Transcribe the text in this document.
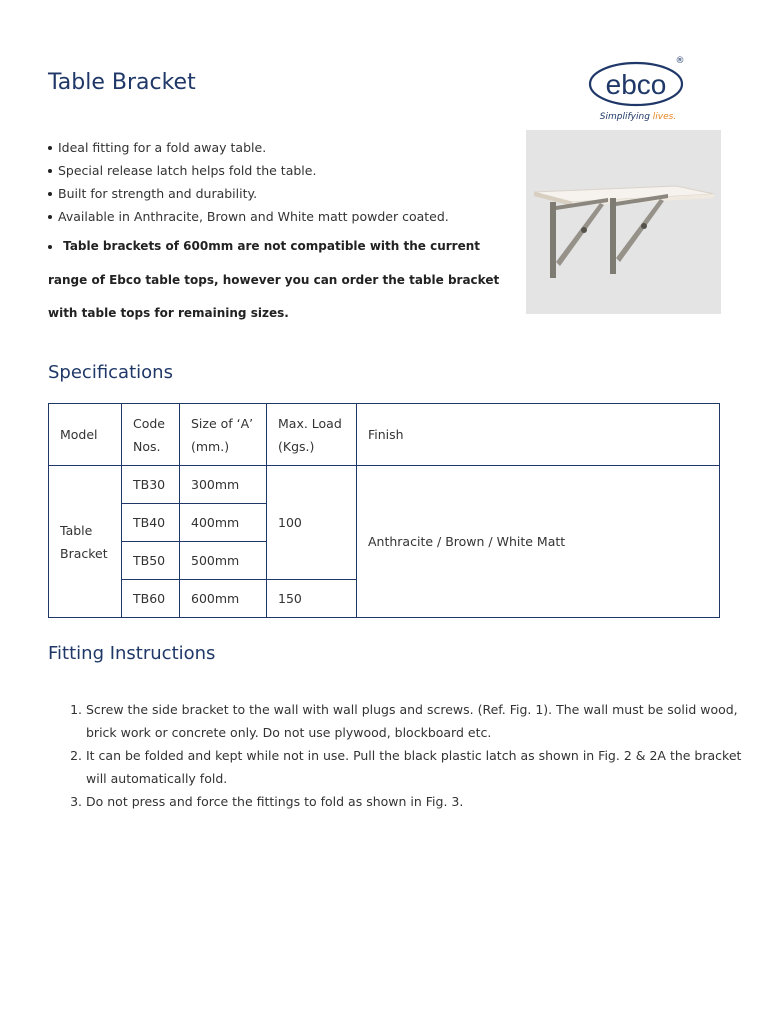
Table Bracket	ebco
®
Simplifying lives.
Ideal fitting for a fold away table.
Special release latch helps fold the table.
Built for strength and durability.
Available in Anthracite, Brown and White matt powder coated.

Table brackets of 600mm are not compatible with the current range of Ebco table tops, however you can order the table bracket with table tops for remaining sizes.

Specifications
Model	Code Nos.	Size of ‘A’ (mm.)	Max. Load (Kgs.)	Finish
Table Bracket	TB30	300mm	100	Anthracite / Brown / White Matt
	TB40	400mm		
	TB50	500mm		
	TB60	600mm	150	
Fitting Instructions
1. Screw the side bracket to the wall with wall plugs and screws. (Ref. Fig. 1). The wall must be solid wood, brick work or concrete only. Do not use plywood, blockboard etc.
2. It can be folded and kept while not in use. Pull the black plastic latch as shown in Fig. 2 & 2A the bracket will automatically fold.
3. Do not press and force the fittings to fold as shown in Fig. 3.
